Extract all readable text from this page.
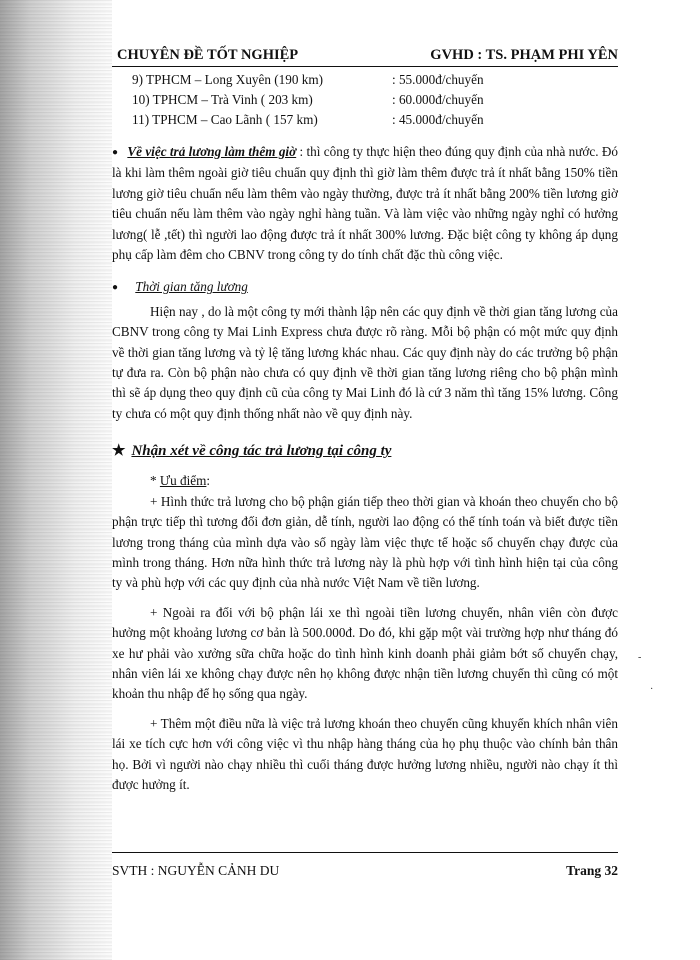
CHUYÊN ĐỀ TỐT NGHIỆP	GVHD : TS. PHẠM PHI YÊN
9) TPHCM – Long Xuyên (190 km)	: 55.000đ/chuyến
10) TPHCM – Trà Vinh ( 203 km)	: 60.000đ/chuyến
11) TPHCM – Cao Lãnh ( 157 km)	: 45.000đ/chuyến

● Về việc trả lương làm thêm giờ : thì công ty thực hiện theo đúng quy định của nhà nước. Đó là khi làm thêm ngoài giờ tiêu chuẩn quy định thì giờ làm thêm được trả ít nhất bằng 150% tiền lương giờ tiêu chuẩn nếu làm thêm vào ngày thường, được trả ít nhất bằng 200% tiền lương giờ tiêu chuẩn nếu làm thêm vào ngày nghỉ hàng tuần. Và làm việc vào những ngày nghỉ có hưởng lương( lễ ,tết) thì người lao động được trả ít nhất 300% lương. Đặc biệt công ty không áp dụng phụ cấp làm đêm cho CBNV trong công ty do tính chất đặc thù công việc.

● Thời gian tăng lương

Hiện nay , do là một công ty mới thành lập nên các quy định về thời gian tăng lương của CBNV trong công ty Mai Linh Express chưa được rõ ràng. Mỗi bộ phận có một mức quy định về thời gian tăng lương và tỷ lệ tăng lương khác nhau. Các quy định này do các trưởng bộ phận tự đưa ra. Còn bộ phận nào chưa có quy định về thời gian tăng lương riêng cho bộ phận mình thì sẽ áp dụng theo quy định cũ của công ty Mai Linh đó là cứ 3 năm thì tăng 15% lương. Công ty chưa có một quy định thống nhất nào về quy định này.

★ Nhận xét về công tác trả lương tại công ty

* Ưu điểm:

+ Hình thức trả lương cho bộ phận gián tiếp theo thời gian và khoán theo chuyến cho bộ phận trực tiếp thì tương đối đơn giản, dễ tính, người lao động có thể tính toán và biết được tiền lương trong tháng của mình dựa vào số ngày làm việc thực tế hoặc số chuyến chạy được của mình trong tháng. Hơn nữa hình thức trả lương này là phù hợp với tình hình hiện tại của công ty và phù hợp với các quy định của nhà nước Việt Nam về tiền lương.

+ Ngoài ra đối với bộ phận lái xe thì ngoài tiền lương chuyến, nhân viên còn được hưởng một khoảng lương cơ bản là 500.000đ. Do đó, khi gặp một vài trường hợp như tháng đó xe hư phải vào xưởng sữa chữa hoặc do tình hình kinh doanh phải giảm bớt số chuyến chạy, nhân viên lái xe không chạy được nên họ không được nhận tiền lương chuyến thì cũng có một khoản thu nhập để họ sống qua ngày.

+ Thêm một điều nữa là việc trả lương khoán theo chuyến cũng khuyến khích nhân viên lái xe tích cực hơn với công việc vì thu nhập hàng tháng của họ phụ thuộc vào chính bản thân họ. Bởi vì người nào chạy nhiều thì cuối tháng được hưởng lương nhiều, người nào chạy ít thì được hưởng ít.

SVTH : NGUYỄN CẢNH DU	Trang 32
-
·
